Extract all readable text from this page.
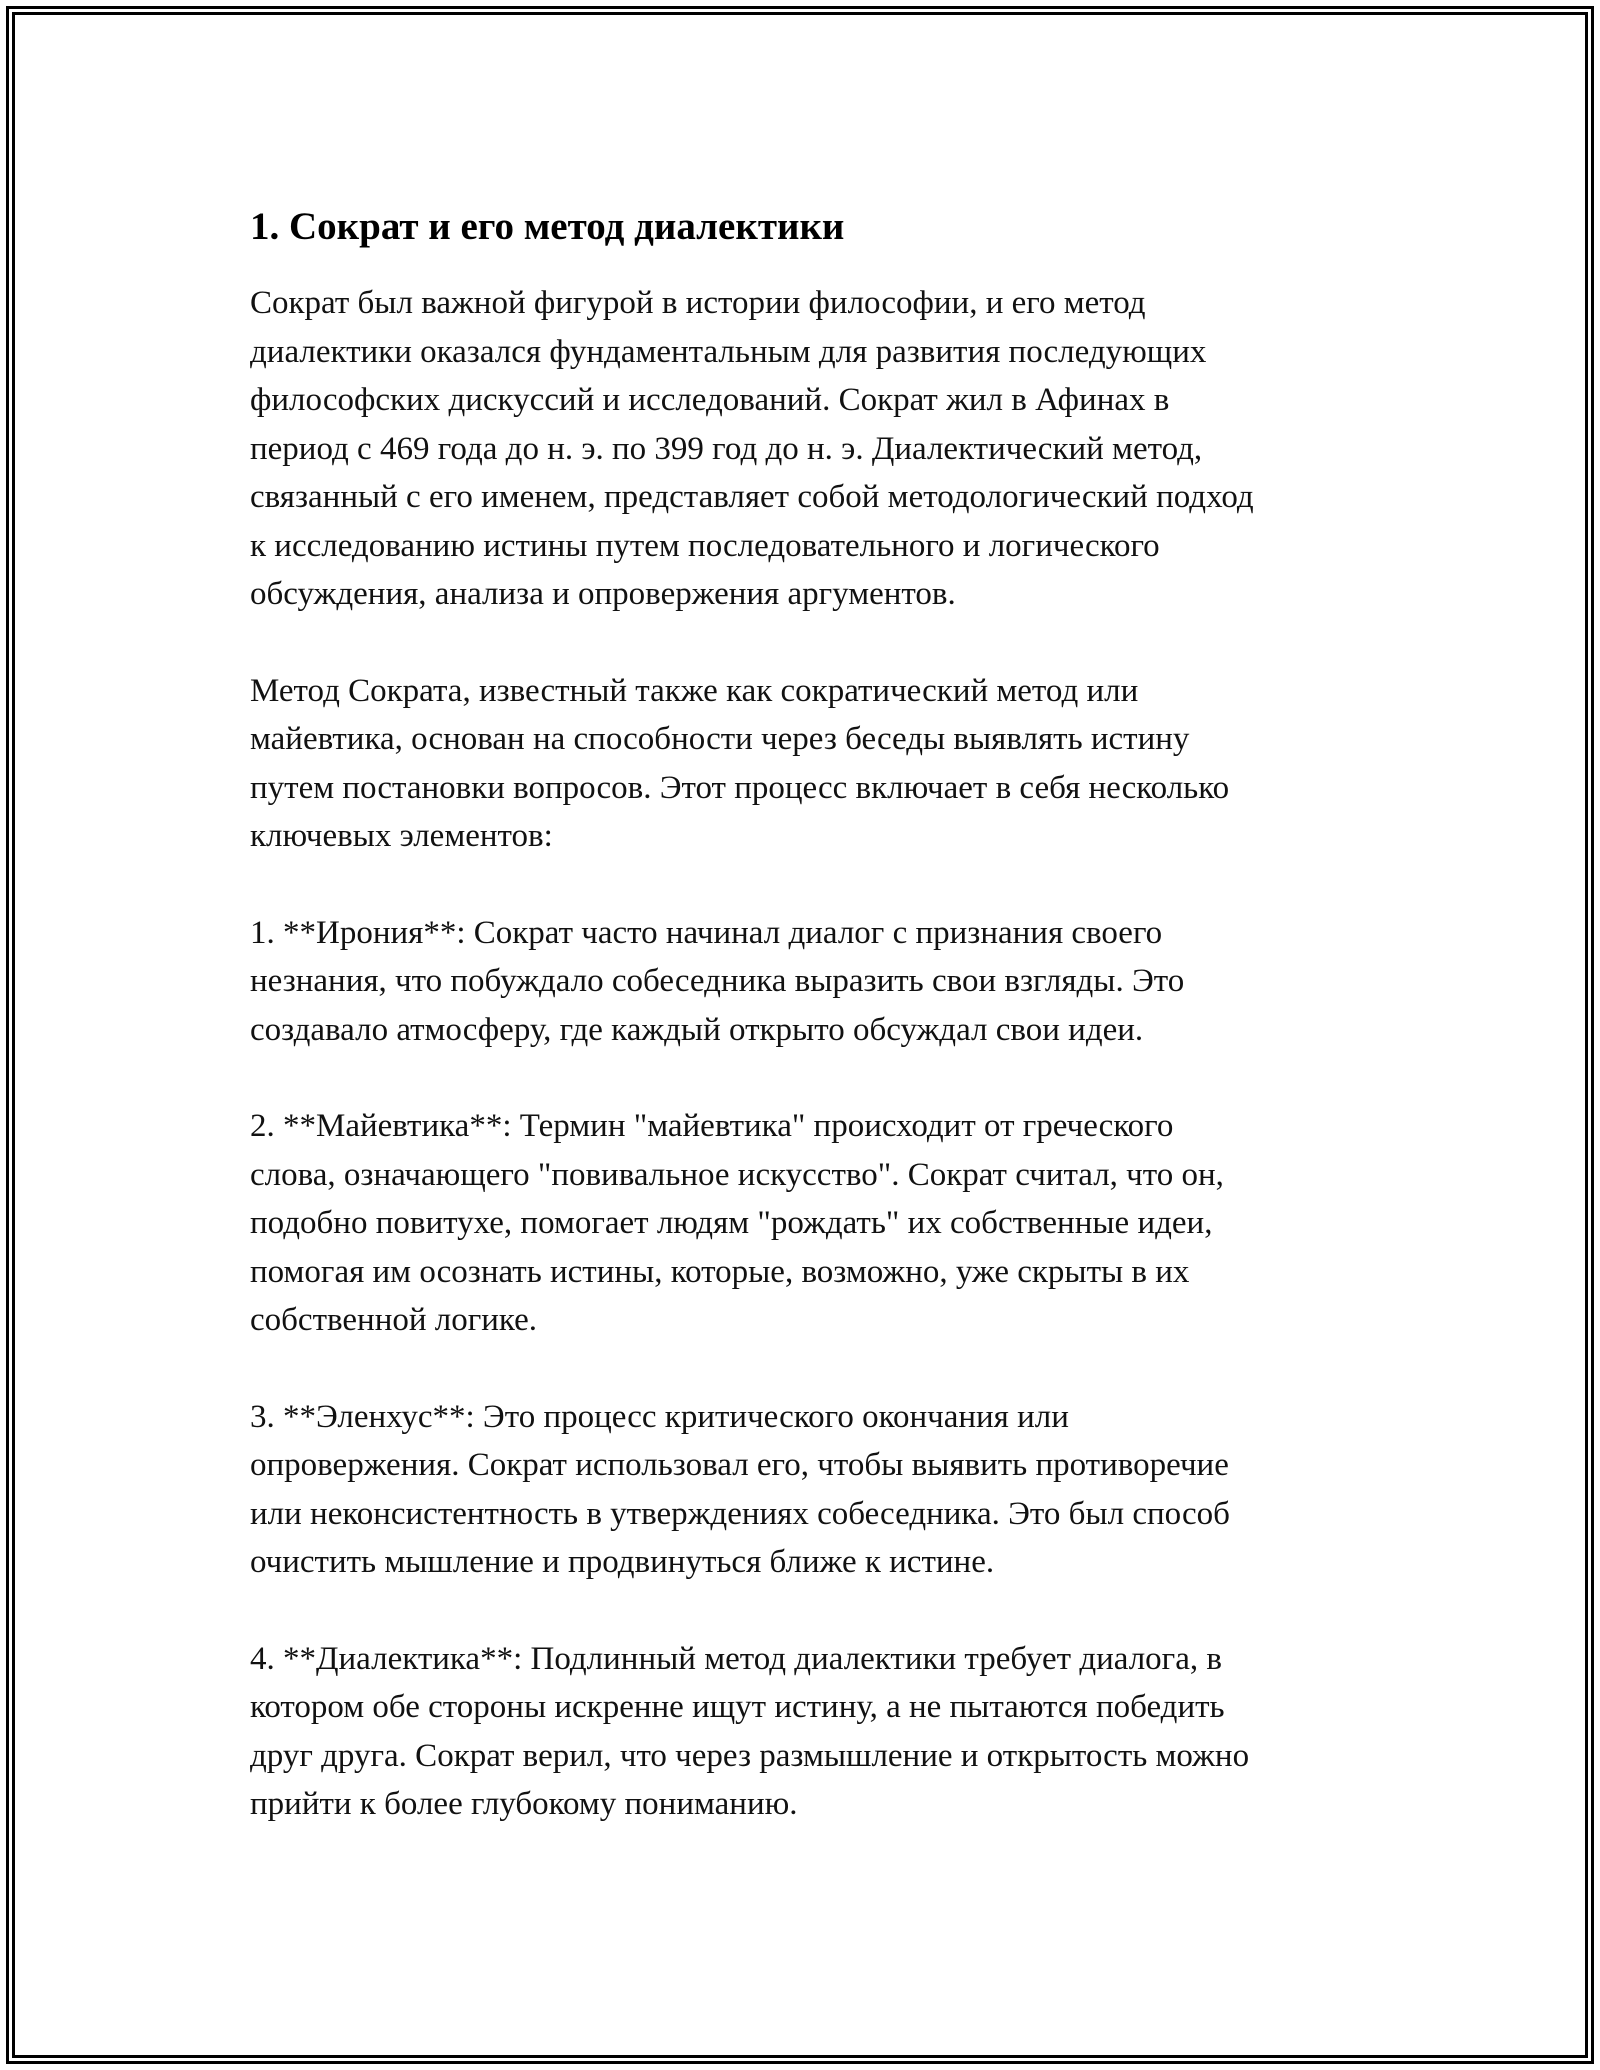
1. Сократ и его метод диалектики

Сократ был важной фигурой в истории философии, и его метод
диалектики оказался фундаментальным для развития последующих
философских дискуссий и исследований. Сократ жил в Афинах в
период с 469 года до н. э. по 399 год до н. э. Диалектический метод,
связанный с его именем, представляет собой методологический подход
к исследованию истины путем последовательного и логического
обсуждения, анализа и опровержения аргументов.

Метод Сократа, известный также как сократический метод или
майевтика, основан на способности через беседы выявлять истину
путем постановки вопросов. Этот процесс включает в себя несколько
ключевых элементов:

1. **Ирония**: Сократ часто начинал диалог с признания своего
незнания, что побуждало собеседника выразить свои взгляды. Это
создавало атмосферу, где каждый открыто обсуждал свои идеи.

2. **Майевтика**: Термин "майевтика" происходит от греческого
слова, означающего "повивальное искусство". Сократ считал, что он,
подобно повитухе, помогает людям "рождать" их собственные идеи,
помогая им осознать истины, которые, возможно, уже скрыты в их
собственной логике.

3. **Эленхус**: Это процесс критического окончания или
опровержения. Сократ использовал его, чтобы выявить противоречие
или неконсистентность в утверждениях собеседника. Это был способ
очистить мышление и продвинуться ближе к истине.

4. **Диалектика**: Подлинный метод диалектики требует диалога, в
котором обе стороны искренне ищут истину, а не пытаются победить
друг друга. Сократ верил, что через размышление и открытость можно
прийти к более глубокому пониманию.
